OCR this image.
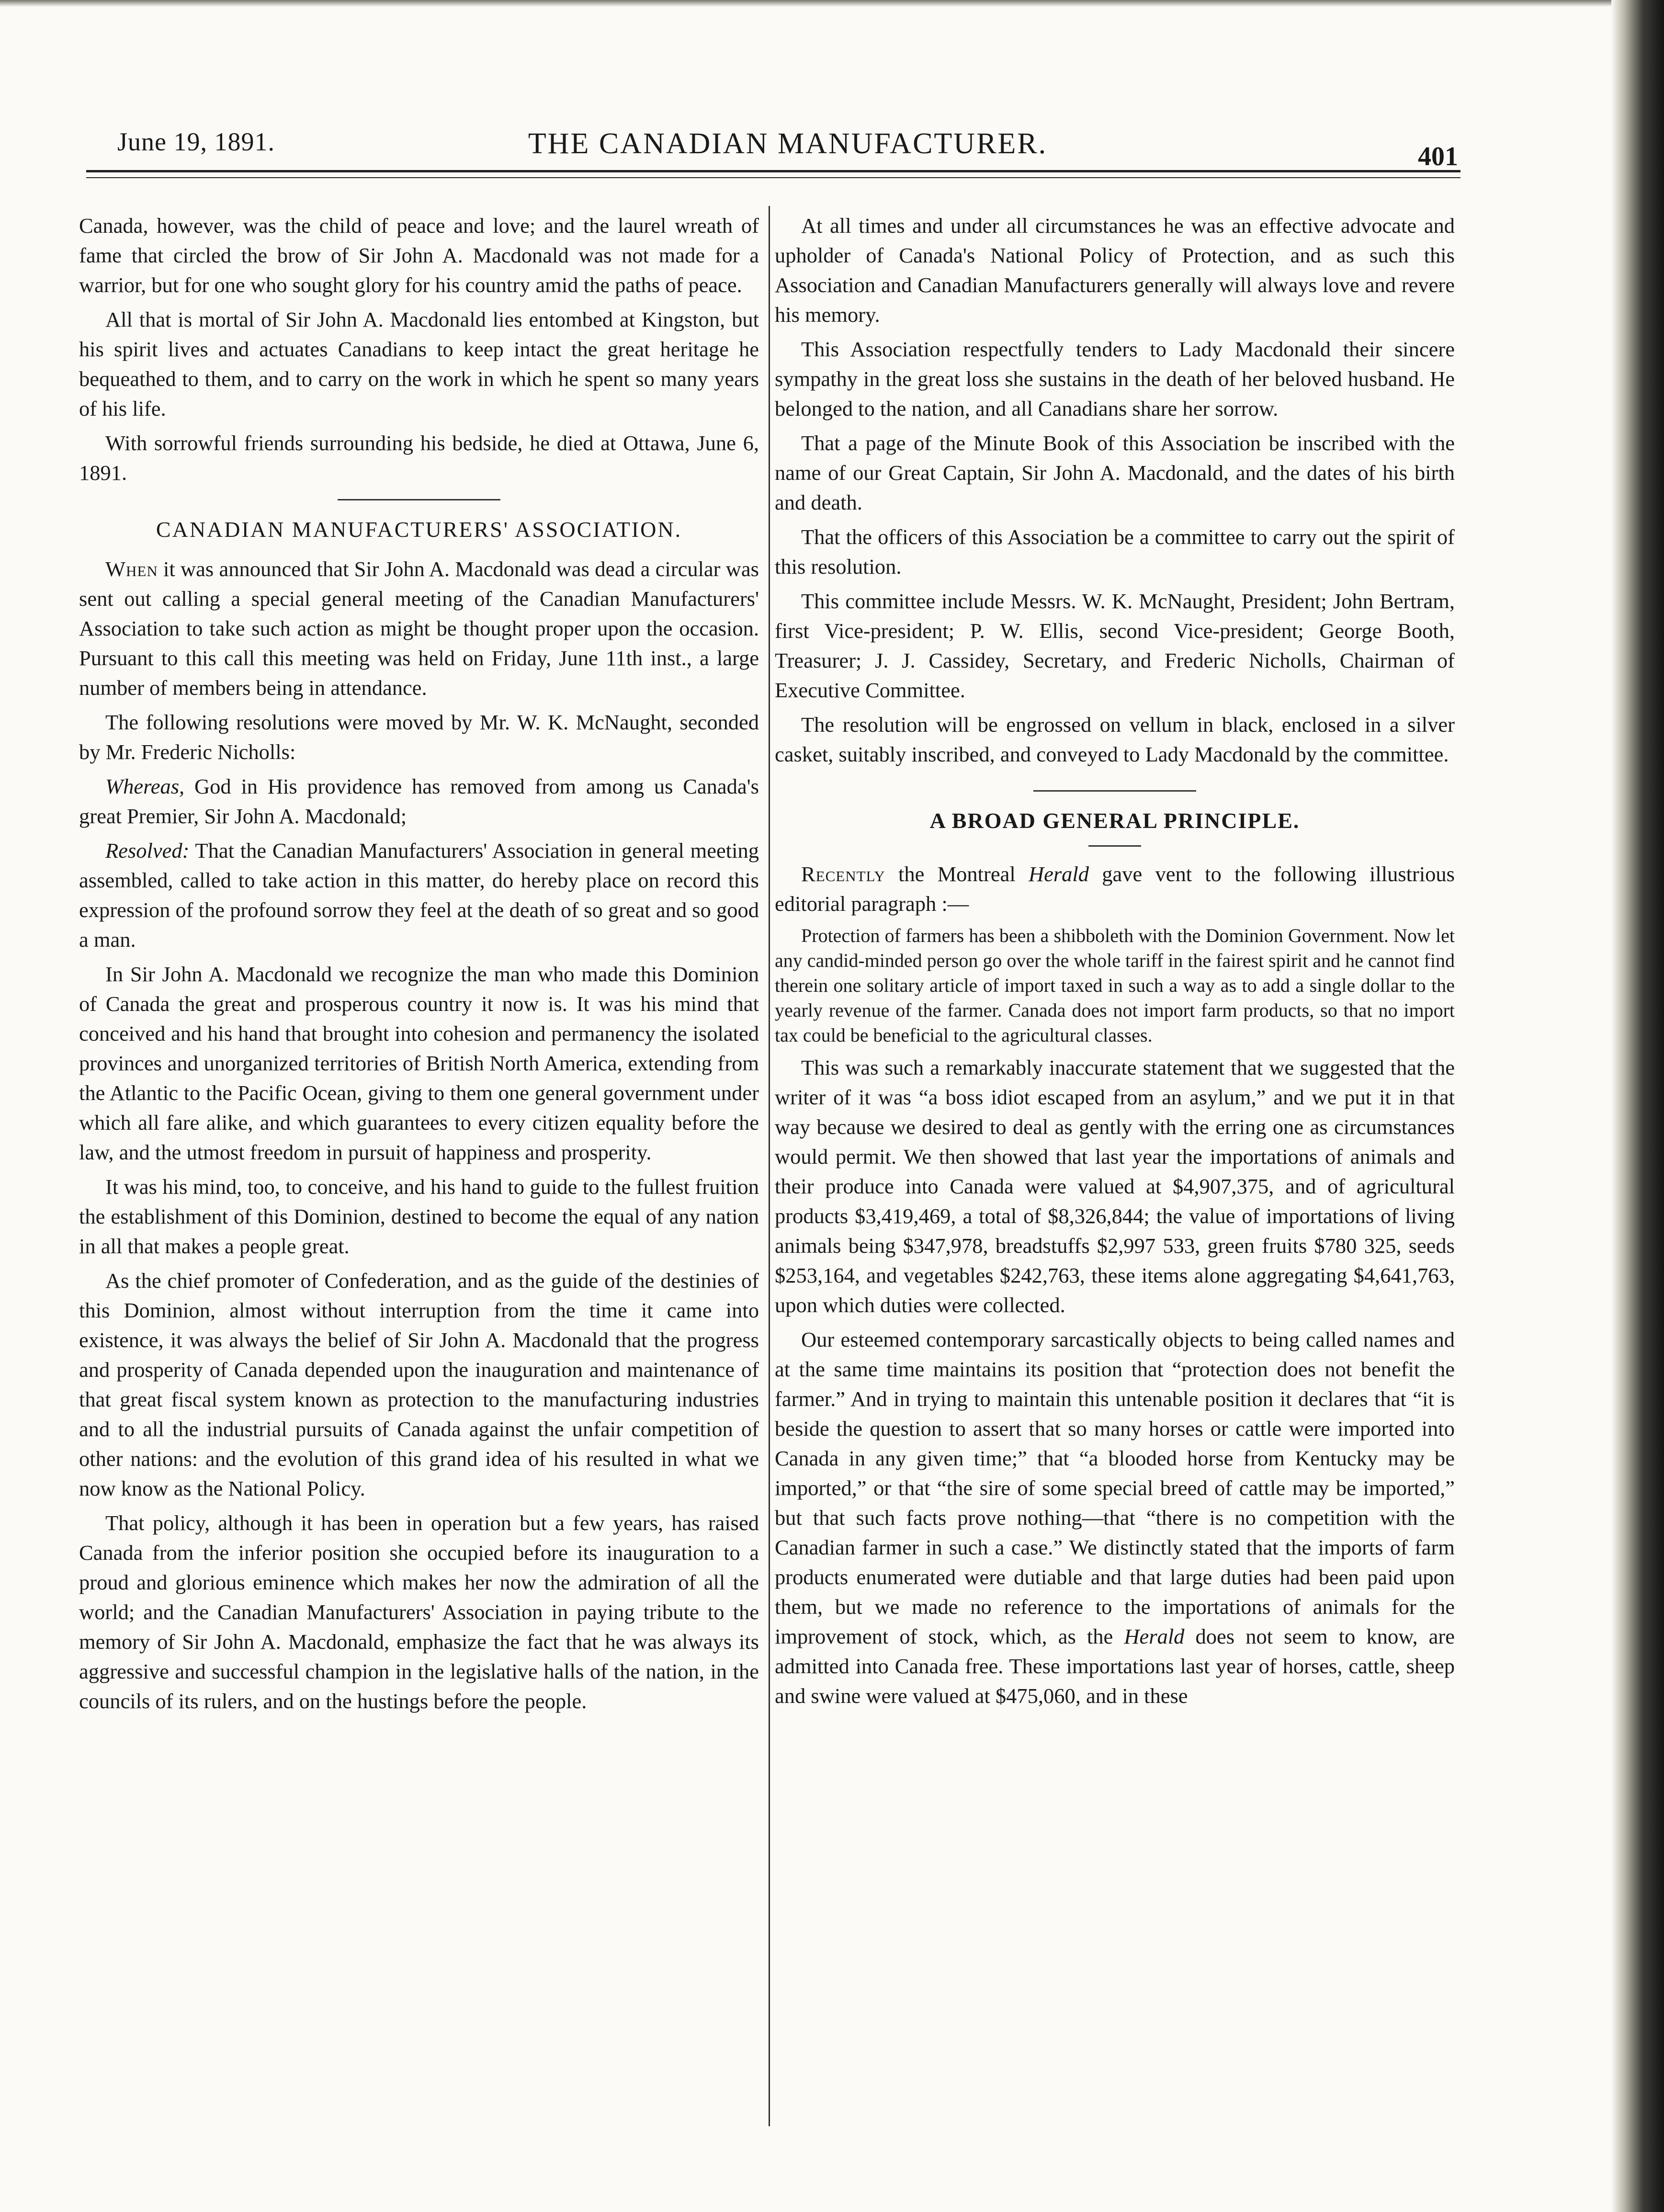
June 19, 1891.	THE CANADIAN MANUFACTURER.	401

Canada, however, was the child of peace and love; and the laurel wreath of fame that circled the brow of Sir John A. Macdonald was not made for a warrior, but for one who sought glory for his country amid the paths of peace.

All that is mortal of Sir John A. Macdonald lies entombed at Kingston, but his spirit lives and actuates Canadians to keep intact the great heritage he bequeathed to them, and to carry on the work in which he spent so many years of his life.

With sorrowful friends surrounding his bedside, he died at Ottawa, June 6, 1891.

CANADIAN MANUFACTURERS' ASSOCIATION.

When it was announced that Sir John A. Macdonald was dead a circular was sent out calling a special general meeting of the Canadian Manufacturers' Association to take such action as might be thought proper upon the occasion. Pursuant to this call this meeting was held on Friday, June 11th inst., a large number of members being in attendance.

The following resolutions were moved by Mr. W. K. McNaught, seconded by Mr. Frederic Nicholls:

Whereas, God in His providence has removed from among us Canada's great Premier, Sir John A. Macdonald;

Resolved: That the Canadian Manufacturers' Association in general meeting assembled, called to take action in this matter, do hereby place on record this expression of the profound sorrow they feel at the death of so great and so good a man.

In Sir John A. Macdonald we recognize the man who made this Dominion of Canada the great and prosperous country it now is. It was his mind that conceived and his hand that brought into cohesion and permanency the isolated provinces and unorganized territories of British North America, extending from the Atlantic to the Pacific Ocean, giving to them one general government under which all fare alike, and which guarantees to every citizen equality before the law, and the utmost freedom in pursuit of happiness and prosperity.

It was his mind, too, to conceive, and his hand to guide to the fullest fruition the establishment of this Dominion, destined to become the equal of any nation in all that makes a people great.

As the chief promoter of Confederation, and as the guide of the destinies of this Dominion, almost without interruption from the time it came into existence, it was always the belief of Sir John A. Macdonald that the progress and prosperity of Canada depended upon the inauguration and maintenance of that great fiscal system known as protection to the manufacturing industries and to all the industrial pursuits of Canada against the unfair competition of other nations: and the evolution of this grand idea of his resulted in what we now know as the National Policy.

That policy, although it has been in operation but a few years, has raised Canada from the inferior position she occupied before its inauguration to a proud and glorious eminence which makes her now the admiration of all the world; and the Canadian Manufacturers' Association in paying tribute to the memory of Sir John A. Macdonald, emphasize the fact that he was always its aggressive and successful champion in the legislative halls of the nation, in the councils of its rulers, and on the hustings before the people.

At all times and under all circumstances he was an effective advocate and upholder of Canada's National Policy of Protection, and as such this Association and Canadian Manufacturers generally will always love and revere his memory.

This Association respectfully tenders to Lady Macdonald their sincere sympathy in the great loss she sustains in the death of her beloved husband. He belonged to the nation, and all Canadians share her sorrow.

That a page of the Minute Book of this Association be inscribed with the name of our Great Captain, Sir John A. Macdonald, and the dates of his birth and death.

That the officers of this Association be a committee to carry out the spirit of this resolution.

This committee include Messrs. W. K. McNaught, President; John Bertram, first Vice-president; P. W. Ellis, second Vice-president; George Booth, Treasurer; J. J. Cassidey, Secretary, and Frederic Nicholls, Chairman of Executive Committee.

The resolution will be engrossed on vellum in black, enclosed in a silver casket, suitably inscribed, and conveyed to Lady Macdonald by the committee.

A BROAD GENERAL PRINCIPLE.

Recently the Montreal Herald gave vent to the following illustrious editorial paragraph :—

Protection of farmers has been a shibboleth with the Dominion Government. Now let any candid-minded person go over the whole tariff in the fairest spirit and he cannot find therein one solitary article of import taxed in such a way as to add a single dollar to the yearly revenue of the farmer. Canada does not import farm products, so that no import tax could be beneficial to the agricultural classes.

This was such a remarkably inaccurate statement that we suggested that the writer of it was “a boss idiot escaped from an asylum,” and we put it in that way because we desired to deal as gently with the erring one as circumstances would permit. We then showed that last year the importations of animals and their produce into Canada were valued at $4,907,375, and of agricultural products $3,419,469, a total of $8,326,844; the value of importations of living animals being $347,978, breadstuffs $2,997 533, green fruits $780 325, seeds $253,164, and vegetables $242,763, these items alone aggregating $4,641,763, upon which duties were collected.

Our esteemed contemporary sarcastically objects to being called names and at the same time maintains its position that “protection does not benefit the farmer.” And in trying to maintain this untenable position it declares that “it is beside the question to assert that so many horses or cattle were imported into Canada in any given time;” that “a blooded horse from Kentucky may be imported,” or that “the sire of some special breed of cattle may be imported,” but that such facts prove nothing—that “there is no competition with the Canadian farmer in such a case.” We distinctly stated that the imports of farm products enumerated were dutiable and that large duties had been paid upon them, but we made no reference to the importations of animals for the improvement of stock, which, as the Herald does not seem to know, are admitted into Canada free. These importations last year of horses, cattle, sheep and swine were valued at $475,060, and in these
